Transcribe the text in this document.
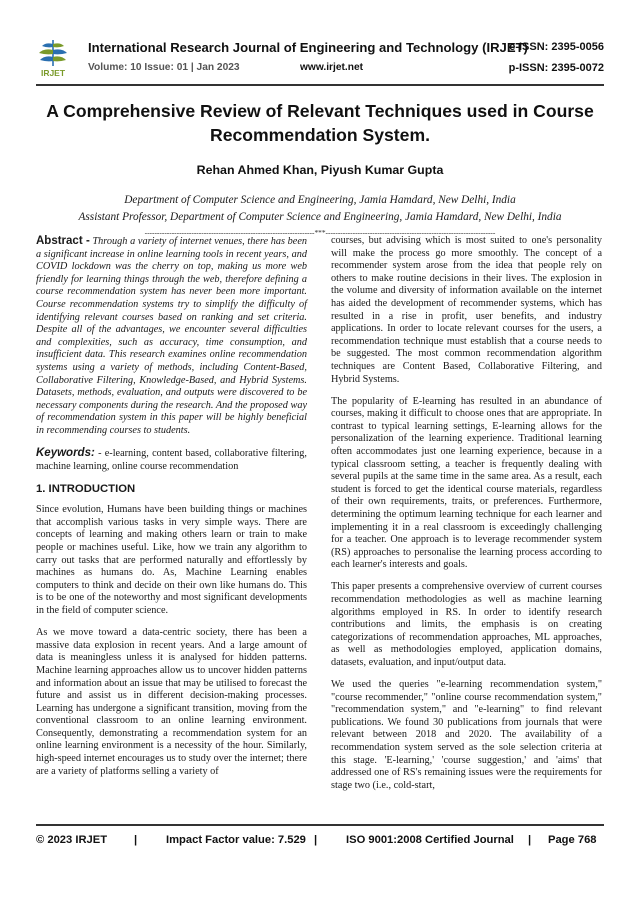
IRJET
International Research Journal of Engineering and Technology (IRJET)
e-ISSN: 2395-0056
Volume: 10 Issue: 01 | Jan 2023	www.irjet.net	p-ISSN: 2395-0072
A Comprehensive Review of Relevant Techniques used in Course Recommendation System.
Rehan Ahmed Khan, Piyush Kumar Gupta
Department of Computer Science and Engineering, Jamia Hamdard, New Delhi, India
Assistant Professor, Department of Computer Science and Engineering, Jamia Hamdard, New Delhi, India
---------------------------------------------------------------------***---------------------------------------------------------------------

Abstract - Through a variety of internet venues, there has been a significant increase in online learning tools in recent years, and COVID lockdown was the cherry on top, making us more web friendly for learning things through the web, therefore defining a course recommendation system has never been more important. Course recommendation systems try to simplify the difficulty of identifying relevant courses based on ranking and set criteria. Despite all of the advantages, we encounter several difficulties and complexities, such as accuracy, time consumption, and insufficient data. This research examines online recommendation systems using a variety of methods, including Content-Based, Collaborative Filtering, Knowledge-Based, and Hybrid Systems. Datasets, methods, evaluation, and outputs were discovered to be necessary components during the research. And the proposed way of recommendation system in this paper will be highly beneficial in recommending courses to students.

Keywords: - e-learning, content based, collaborative filtering, machine learning, online course recommendation

1. INTRODUCTION

Since evolution, Humans have been building things or machines that accomplish various tasks in very simple ways. There are concepts of learning and making others learn or train to make people or machines useful. Like, how we train any algorithm to carry out tasks that are performed naturally and effortlessly by machines as humans do. As, Machine Learning enables computers to think and decide on their own like humans do. This is to be one of the noteworthy and most significant developments in the field of computer science.

As we move toward a data-centric society, there has been a massive data explosion in recent years. And a large amount of data is meaningless unless it is analysed for hidden patterns. Machine learning approaches allow us to uncover hidden patterns and information about an issue that may be utilised to forecast the future and assist us in different decision-making processes. Learning has undergone a significant transition, moving from the conventional classroom to an online learning environment. Consequently, demonstrating a recommendation system for an online learning environment is a necessity of the hour. Similarly, high-speed internet encourages us to study over the internet; there are a variety of platforms selling a variety of

courses, but advising which is most suited to one's personality will make the process go more smoothly. The concept of a recommender system arose from the idea that people rely on others to make routine decisions in their lives. The explosion in the volume and diversity of information available on the internet has aided the development of recommender systems, which has resulted in a rise in profit, user benefits, and industry applications. In order to locate relevant courses for the users, a recommendation technique must establish that a course needs to be suggested. The most common recommendation algorithm techniques are Content Based, Collaborative Filtering, and Hybrid Systems.

The popularity of E-learning has resulted in an abundance of courses, making it difficult to choose ones that are appropriate. In contrast to typical learning settings, E-learning allows for the personalization of the learning experience. Traditional learning often accommodates just one learning experience, because in a typical classroom setting, a teacher is frequently dealing with several pupils at the same time in the same area. As a result, each student is forced to get the identical course materials, regardless of their own requirements, traits, or preferences. Furthermore, determining the optimum learning technique for each learner and implementing it in a real classroom is exceedingly challenging for a teacher. One approach is to leverage recommender system (RS) approaches to personalise the learning process according to each learner's interests and goals.

This paper presents a comprehensive overview of current courses recommendation methodologies as well as machine learning algorithms employed in RS. In order to identify research contributions and limits, the emphasis is on creating categorizations of recommendation approaches, ML approaches, as well as methodologies employed, application domains, datasets, evaluation, and input/output data.

We used the queries "e-learning recommendation system," "course recommender," "online course recommendation system," "recommendation system," and "e-learning" to find relevant publications. We found 30 publications from journals that were relevant between 2018 and 2020. The availability of a recommendation system served as the sole selection criteria at this stage. 'E-learning,' 'course suggestion,' and 'aims' that addressed one of RS's remaining issues were the requirements for stage two (i.e., cold-start,

© 2023 IRJET |	Impact Factor value: 7.529 |	ISO 9001:2008 Certified Journal | Page 768
